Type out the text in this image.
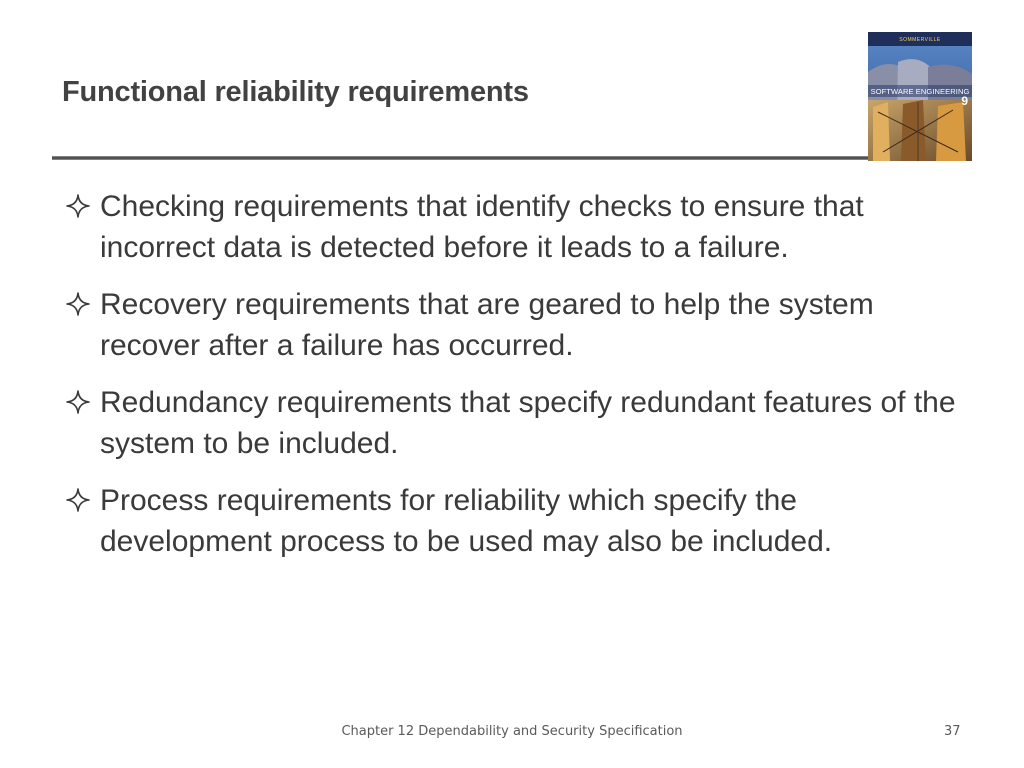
Functional reliability requirements
SOMMERVILLE
SOFTWARE ENGINEERING
9
Checking requirements that identify checks to ensure that incorrect data is detected before it leads to a failure.
Recovery requirements that are geared to help the system recover after a failure has occurred.
Redundancy requirements that specify redundant features of the system to be included.
Process requirements for reliability which specify the development process to be used may also be included.
Chapter 12 Dependability and Security Specification	37
